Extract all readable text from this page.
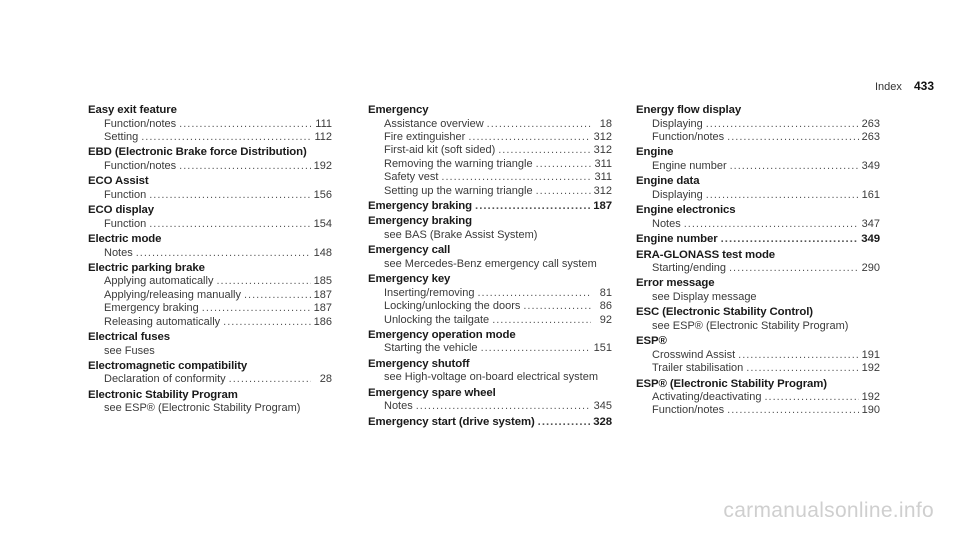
Index 433
Easy exit feature
Function/notes .....	111
Setting .....	112
EBD (Electronic Brake force Distribution)
Function/notes .....	192
ECO Assist
Function .....	156
ECO display
Function .....	154
Electric mode
Notes .....	148
Electric parking brake
Applying automatically .....	185
Applying/releasing manually .....	187
Emergency braking .....	187
Releasing automatically .....	186
Electrical fuses
see Fuses
Electromagnetic compatibility
Declaration of conformity .....	28
Electronic Stability Program
see ESP® (Electronic Stability Program)
Emergency
Assistance overview .....	18
Fire extinguisher .....	312
First-aid kit (soft sided) .....	312
Removing the warning triangle .....	311
Safety vest .....	311
Setting up the warning triangle .....	312
Emergency braking .....	187
Emergency braking
see BAS (Brake Assist System)
Emergency call
see Mercedes-Benz emergency call system
Emergency key
Inserting/removing .....	81
Locking/unlocking the doors .....	86
Unlocking the tailgate .....	92
Emergency operation mode
Starting the vehicle .....	151
Emergency shutoff
see High-voltage on-board electrical system
Emergency spare wheel
Notes .....	345
Emergency start (drive system) .....	328
Energy flow display
Displaying .....	263
Function/notes .....	263
Engine
Engine number .....	349
Engine data
Displaying .....	161
Engine electronics
Notes .....	347
Engine number .....	349
ERA-GLONASS test mode
Starting/ending .....	290
Error message
see Display message
ESC (Electronic Stability Control)
see ESP® (Electronic Stability Program)
ESP®
Crosswind Assist .....	191
Trailer stabilisation .....	192
ESP® (Electronic Stability Program)
Activating/deactivating .....	192
Function/notes .....	190
carmanualsonline.info
